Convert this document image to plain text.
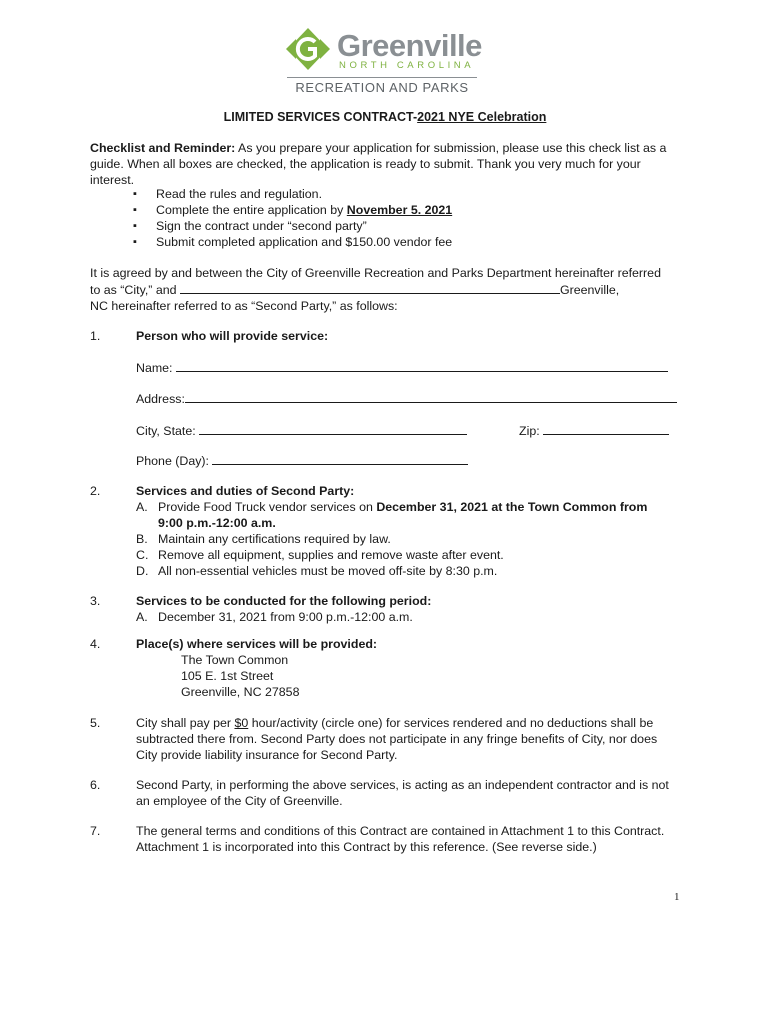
Greenville
NORTH CAROLINA
RECREATION AND PARKS
LIMITED SERVICES CONTRACT-2021 NYE Celebration
Checklist and Reminder: As you prepare your application for submission, please use this check list as a
guide. When all boxes are checked, the application is ready to submit. Thank you very much for your
interest.
▪ Read the rules and regulation.
▪ Complete the entire application by November 5. 2021
▪ Sign the contract under “second party”
▪ Submit completed application and $150.00 vendor fee
It is agreed by and between the City of Greenville Recreation and Parks Department hereinafter referred
to as “City,” and	Greenville,
NC hereinafter referred to as “Second Party,” as follows:
1.	Person who will provide service:
Name:
Address:
City, State:	Zip:
Phone (Day):
2.	Services and duties of Second Party:
A. Provide Food Truck vendor services on December 31, 2021 at the Town Common from
9:00 p.m.-12:00 a.m.
B. Maintain any certifications required by law.
C. Remove all equipment, supplies and remove waste after event.
D. All non-essential vehicles must be moved off-site by 8:30 p.m.
3.	Services to be conducted for the following period:
A. December 31, 2021 from 9:00 p.m.-12:00 a.m.
4.	Place(s) where services will be provided:
The Town Common
105 E. 1st Street
Greenville, NC 27858
5.	City shall pay per $0 hour/activity (circle one) for services rendered and no deductions shall be
subtracted there from. Second Party does not participate in any fringe benefits of City, nor does
City provide liability insurance for Second Party.
6.	Second Party, in performing the above services, is acting as an independent contractor and is not
an employee of the City of Greenville.
7.	The general terms and conditions of this Contract are contained in Attachment 1 to this Contract.
Attachment 1 is incorporated into this Contract by this reference. (See reverse side.)
1
